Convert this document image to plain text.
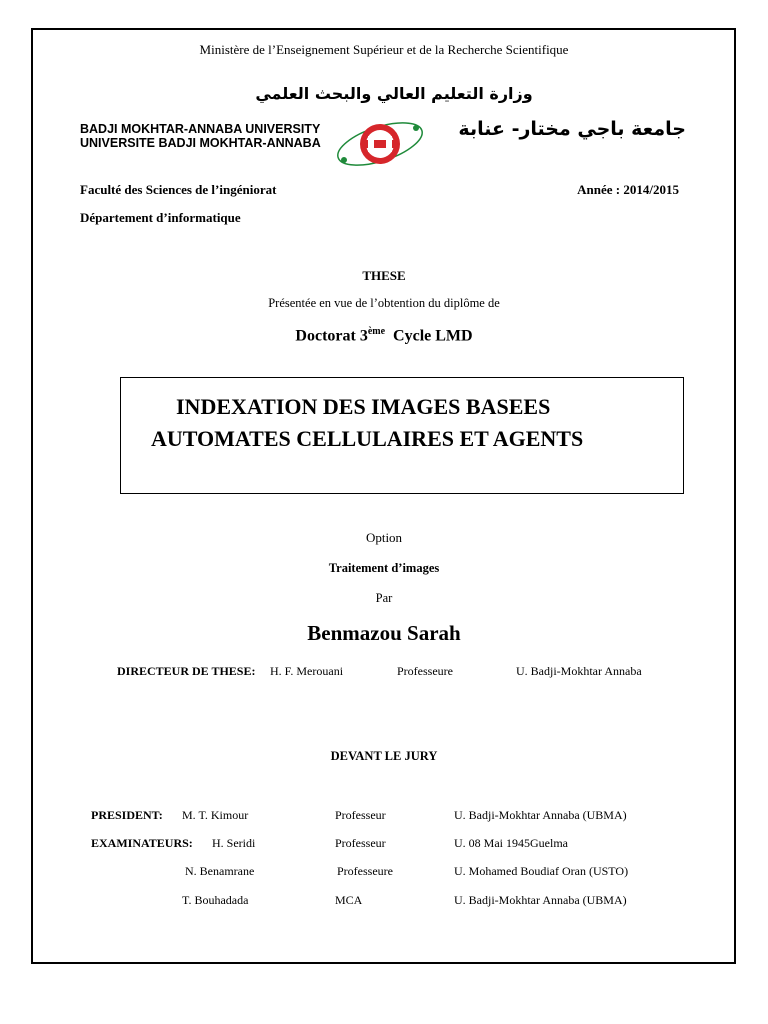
Ministère de l’Enseignement Supérieur et de la Recherche Scientifique
وزارة التعليم العالي والبحث العلمي
BADJI MOKHTAR-ANNABA UNIVERSITY
UNIVERSITE BADJI MOKHTAR-ANNABA
جامعة باجي مختار- عنابة
Faculté des Sciences de l’ingéniorat	Année : 2014/2015
Département d’informatique
THESE
Présentée en vue de l’obtention du diplôme de
Doctorat 3ème Cycle LMD
INDEXATION DES IMAGES BASEES
AUTOMATES CELLULAIRES ET AGENTS
Option
Traitement d’images
Par
Benmazou Sarah
DIRECTEUR DE THESE: H. F. Merouani	Professeure	U. Badji-Mokhtar Annaba
DEVANT LE JURY
PRESIDENT: M. T. Kimour	Professeur	U. Badji-Mokhtar Annaba (UBMA)
EXAMINATEURS: H. Seridi	Professeur	U. 08 Mai 1945Guelma
N. Benamrane	Professeure	U. Mohamed Boudiaf Oran (USTO)
T. Bouhadada	MCA	U. Badji-Mokhtar Annaba (UBMA)
